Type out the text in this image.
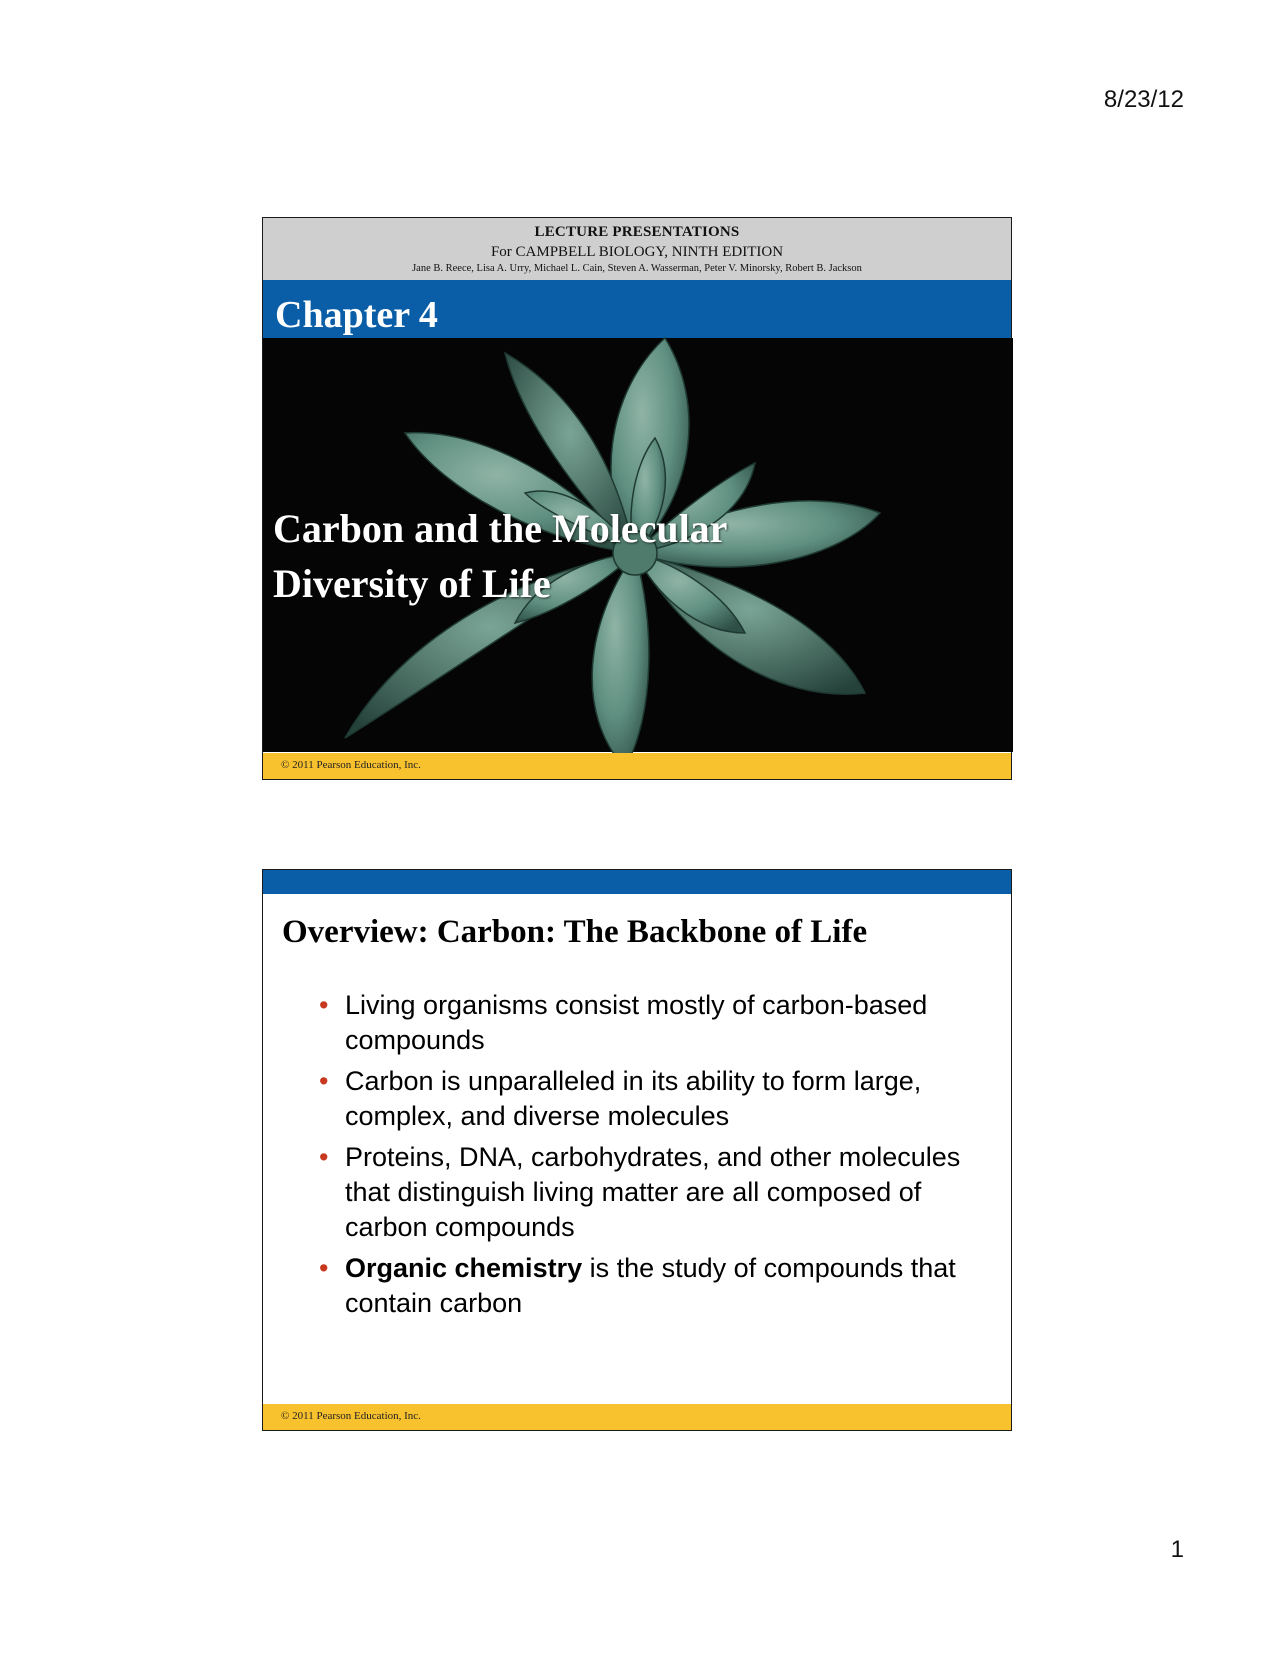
8/23/12
LECTURE PRESENTATIONS
For CAMPBELL BIOLOGY, NINTH EDITION
Jane B. Reece, Lisa A. Urry, Michael L. Cain, Steven A. Wasserman, Peter V. Minorsky, Robert B. Jackson
Chapter 4
Carbon and the Molecular
Diversity of Life
Lectures by
Erin Barley
Kathleen Fitzpatrick
© 2011 Pearson Education, Inc.
Overview: Carbon: The Backbone of Life
• Living organisms consist mostly of carbon-based compounds
• Carbon is unparalleled in its ability to form large, complex, and diverse molecules
• Proteins, DNA, carbohydrates, and other molecules that distinguish living matter are all composed of carbon compounds
• Organic chemistry is the study of compounds that contain carbon
© 2011 Pearson Education, Inc.
1
